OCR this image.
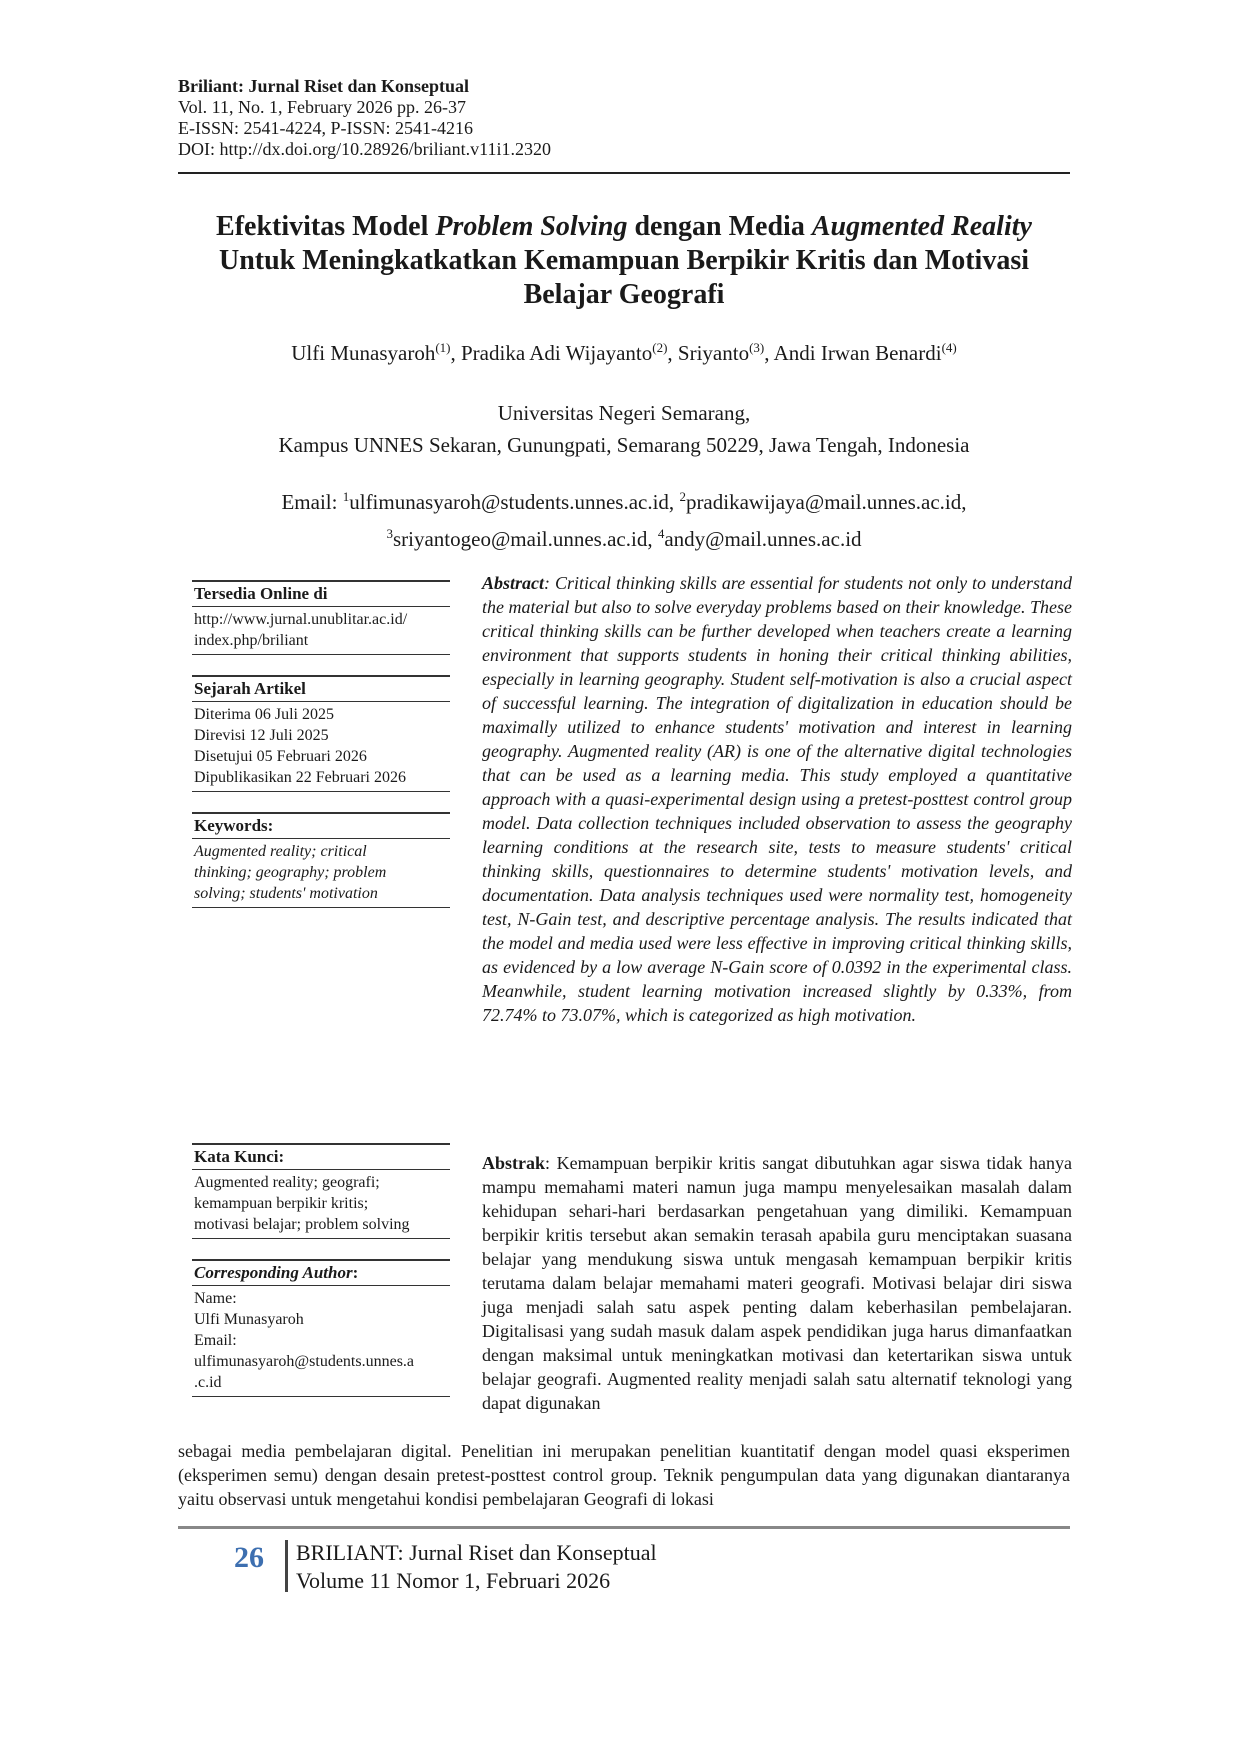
Briliant: Jurnal Riset dan Konseptual
Vol. 11, No. 1, February 2026 pp. 26-37
E-ISSN: 2541-4224, P-ISSN: 2541-4216
DOI: http://dx.doi.org/10.28926/briliant.v11i1.2320
Efektivitas Model Problem Solving dengan Media Augmented Reality
Untuk Meningkatkatkan Kemampuan Berpikir Kritis dan Motivasi
Belajar Geografi
Ulfi Munasyaroh$^{(1)}$, Pradika Adi Wijayanto$^{(2)}$, Sriyanto$^{(3)}$, Andi Irwan Benardi$^{(4)}$
Universitas Negeri Semarang,
Kampus UNNES Sekaran, Gunungpati, Semarang 50229, Jawa Tengah, Indonesia
Email: $^1$ulfimunasyaroh@students.unnes.ac.id, $^2$pradikawijaya@mail.unnes.ac.id,
$^3$sriyantogeo@mail.unnes.ac.id, $^4$andy@mail.unnes.ac.id
Tersedia Online di
http://www.jurnal.unublitar.ac.id/
index.php/briliant
Sejarah Artikel
Diterima 06 Juli 2025
Direvisi 12 Juli 2025
Disetujui 05 Februari 2026
Dipublikasikan 22 Februari 2026
Keywords:
Augmented reality; critical
thinking; geography; problem
solving; students' motivation
Kata Kunci:
Augmented reality; geografi;
kemampuan berpikir kritis;
motivasi belajar; problem solving
Corresponding Author:
Name:
Ulfi Munasyaroh
Email:
ulfimunasyaroh@students.unnes.a
.c.id
Abstract: Critical thinking skills are essential for students not only to understand the material but also to solve everyday problems based on their knowledge. These critical thinking skills can be further developed when teachers create a learning environment that supports students in honing their critical thinking abilities, especially in learning geography. Student self-motivation is also a crucial aspect of successful learning. The integration of digitalization in education should be maximally utilized to enhance students' motivation and interest in learning geography. Augmented reality (AR) is one of the alternative digital technologies that can be used as a learning media. This study employed a quantitative approach with a quasi-experimental design using a pretest-posttest control group model. Data collection techniques included observation to assess the geography learning conditions at the research site, tests to measure students' critical thinking skills, questionnaires to determine students' motivation levels, and documentation. Data analysis techniques used were normality test, homogeneity test, N-Gain test, and descriptive percentage analysis. The results indicated that the model and media used were less effective in improving critical thinking skills, as evidenced by a low average N-Gain score of 0.0392 in the experimental class. Meanwhile, student learning motivation increased slightly by 0.33%, from 72.74% to 73.07%, which is categorized as high motivation.
Abstrak: Kemampuan berpikir kritis sangat dibutuhkan agar siswa tidak hanya mampu memahami materi namun juga mampu menyelesaikan masalah dalam kehidupan sehari-hari berdasarkan pengetahuan yang dimiliki. Kemampuan berpikir kritis tersebut akan semakin terasah apabila guru menciptakan suasana belajar yang mendukung siswa untuk mengasah kemampuan berpikir kritis terutama dalam belajar memahami materi geografi. Motivasi belajar diri siswa juga menjadi salah satu aspek penting dalam keberhasilan pembelajaran. Digitalisasi yang sudah masuk dalam aspek pendidikan juga harus dimanfaatkan dengan maksimal untuk meningkatkan motivasi dan ketertarikan siswa untuk belajar geografi. Augmented reality menjadi salah satu alternatif teknologi yang dapat digunakan
sebagai media pembelajaran digital. Penelitian ini merupakan penelitian kuantitatif dengan model quasi eksperimen (eksperimen semu) dengan desain pretest-posttest control group. Teknik pengumpulan data yang digunakan diantaranya yaitu observasi untuk mengetahui kondisi pembelajaran Geografi di lokasi
26 BRILIANT: Jurnal Riset dan Konseptual
Volume 11 Nomor 1, Februari 2026
